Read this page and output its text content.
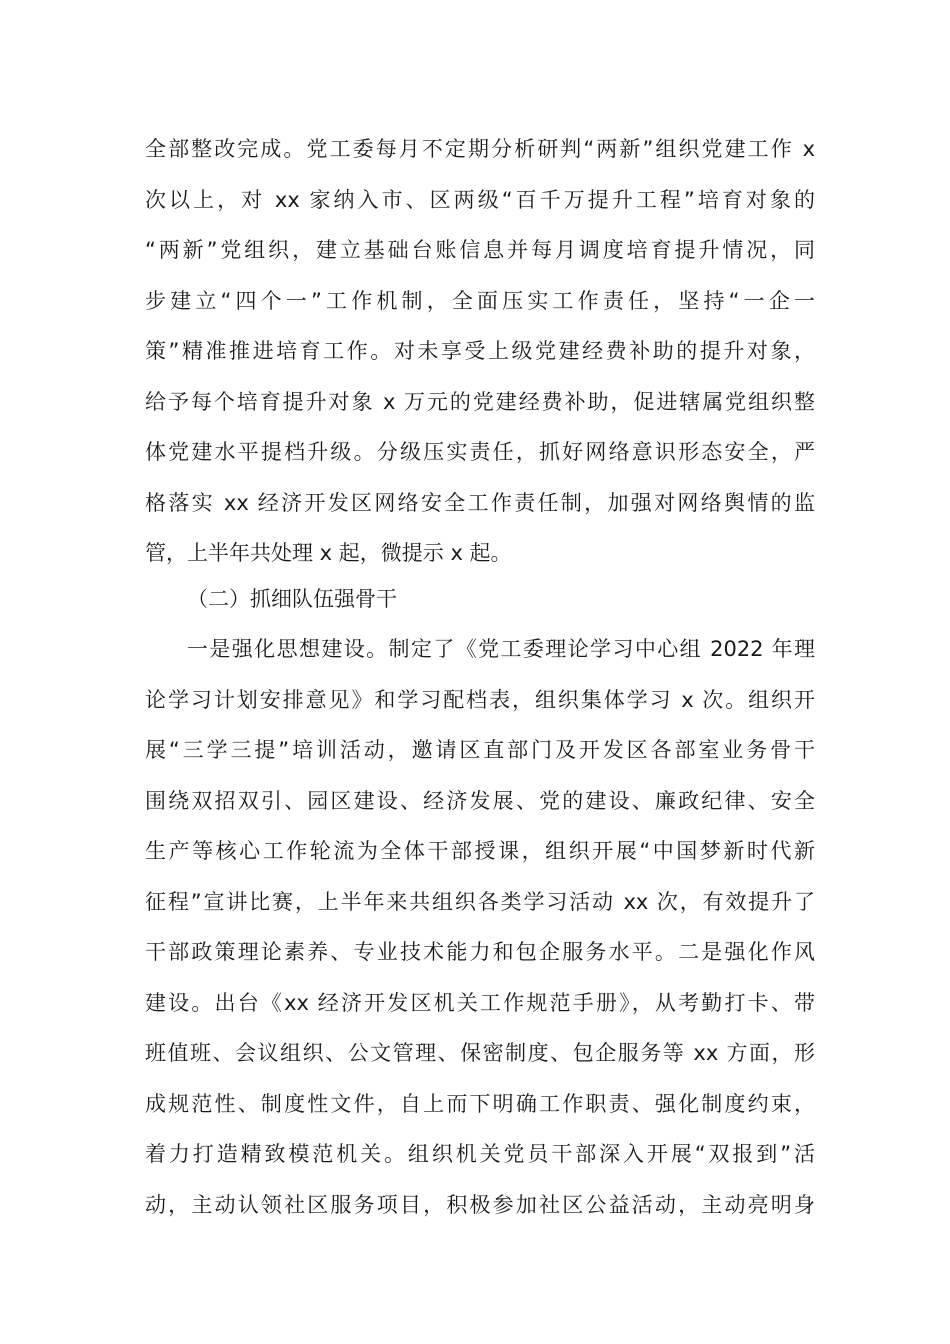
全部整改完成。党工委每月不定期分析研判“两新”组织党建工作 x
次以上，对 xx 家纳入市、区两级“百千万提升工程”培育对象的
“两新”党组织，建立基础台账信息并每月调度培育提升情况，同
步建立“四个一”工作机制，全面压实工作责任，坚持“一企一
策”精准推进培育工作。对未享受上级党建经费补助的提升对象，
给予每个培育提升对象 x 万元的党建经费补助，促进辖属党组织整
体党建水平提档升级。分级压实责任，抓好网络意识形态安全，严
格落实 xx 经济开发区网络安全工作责任制，加强对网络舆情的监
管，上半年共处理 x 起，微提示 x 起。
（二）抓细队伍强骨干
一是强化思想建设。制定了《党工委理论学习中心组 2022 年理
论学习计划安排意见》和学习配档表，组织集体学习 x 次。组织开
展“三学三提”培训活动，邀请区直部门及开发区各部室业务骨干
围绕双招双引、园区建设、经济发展、党的建设、廉政纪律、安全
生产等核心工作轮流为全体干部授课，组织开展“中国梦新时代新
征程”宣讲比赛，上半年来共组织各类学习活动 xx 次，有效提升了
干部政策理论素养、专业技术能力和包企服务水平。二是强化作风
建设。出台《xx 经济开发区机关工作规范手册》，从考勤打卡、带
班值班、会议组织、公文管理、保密制度、包企服务等 xx 方面，形
成规范性、制度性文件，自上而下明确工作职责、强化制度约束，
着力打造精致模范机关。组织机关党员干部深入开展“双报到”活
动，主动认领社区服务项目，积极参加社区公益活动，主动亮明身
